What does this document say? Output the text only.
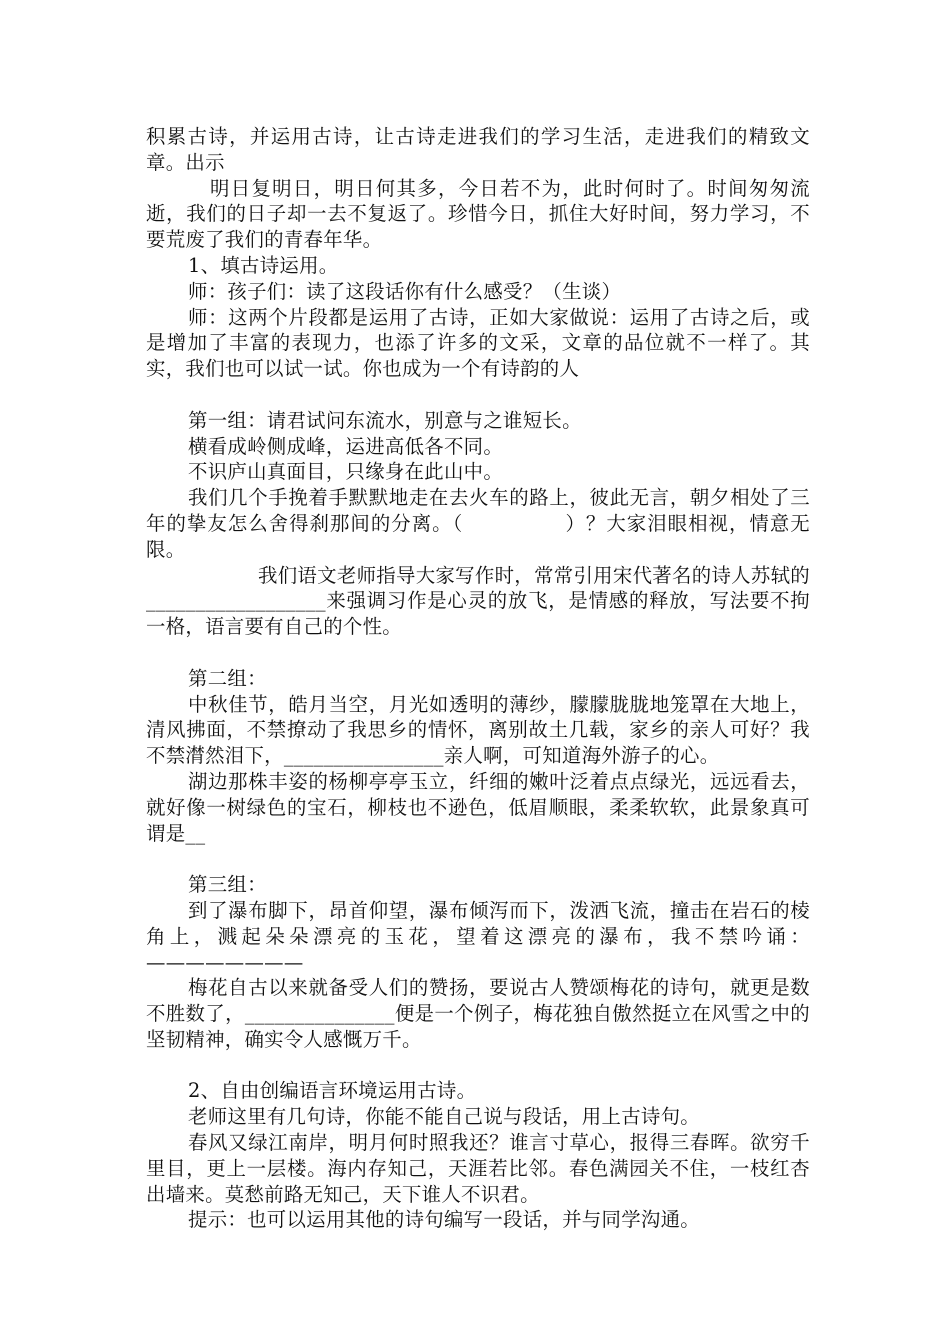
积累古诗，并运用古诗，让古诗走进我们的学习生活，走进我们的精致文章。出示

明日复明日，明日何其多，今日若不为，此时何时了。时间匆匆流逝，我们的日子却一去不复返了。珍惜今日，抓住大好时间，努力学习，不要荒废了我们的青春年华。

1、填古诗运用。

师：孩子们：读了这段话你有什么感受？（生谈）

师：这两个片段都是运用了古诗，正如大家做说：运用了古诗之后，或是增加了丰富的表现力，也添了许多的文采，文章的品位就不一样了。其实，我们也可以试一试。你也成为一个有诗韵的人

第一组：请君试问东流水，别意与之谁短长。

横看成岭侧成峰，运进高低各不同。

不识庐山真面目，只缘身在此山中。

我们几个手挽着手默默地走在去火车的路上，彼此无言，朝夕相处了三年的挚友怎么舍得刹那间的分离。（　　　　　）？大家泪眼相视，情意无限。

我们语文老师指导大家写作时，常常引用宋代著名的诗人苏轼的__________________来强调习作是心灵的放飞，是情感的释放，写法要不拘一格，语言要有自己的个性。

第二组：

中秋佳节，皓月当空，月光如透明的薄纱，朦朦胧胧地笼罩在大地上，清风拂面，不禁撩动了我思乡的情怀，离别故土几载，家乡的亲人可好？我不禁潸然泪下，________________亲人啊，可知道海外游子的心。

湖边那株丰姿的杨柳亭亭玉立，纤细的嫩叶泛着点点绿光，远远看去，就好像一树绿色的宝石，柳枝也不逊色，低眉顺眼，柔柔软软，此景象真可谓是__

第三组：

到了瀑布脚下，昂首仰望，瀑布倾泻而下，泼洒飞流，撞击在岩石的棱角上，溅起朵朵漂亮的玉花，望着这漂亮的瀑布，我不禁吟诵：————————

梅花自古以来就备受人们的赞扬，要说古人赞颂梅花的诗句，就更是数不胜数了，_______________便是一个例子，梅花独自傲然挺立在风雪之中的坚韧精神，确实令人感慨万千。

2、自由创编语言环境运用古诗。

老师这里有几句诗，你能不能自己说与段话，用上古诗句。

春风又绿江南岸，明月何时照我还？谁言寸草心，报得三春晖。欲穷千里目，更上一层楼。海内存知己，天涯若比邻。春色满园关不住，一枝红杏出墙来。莫愁前路无知己，天下谁人不识君。

提示：也可以运用其他的诗句编写一段话，并与同学沟通。
